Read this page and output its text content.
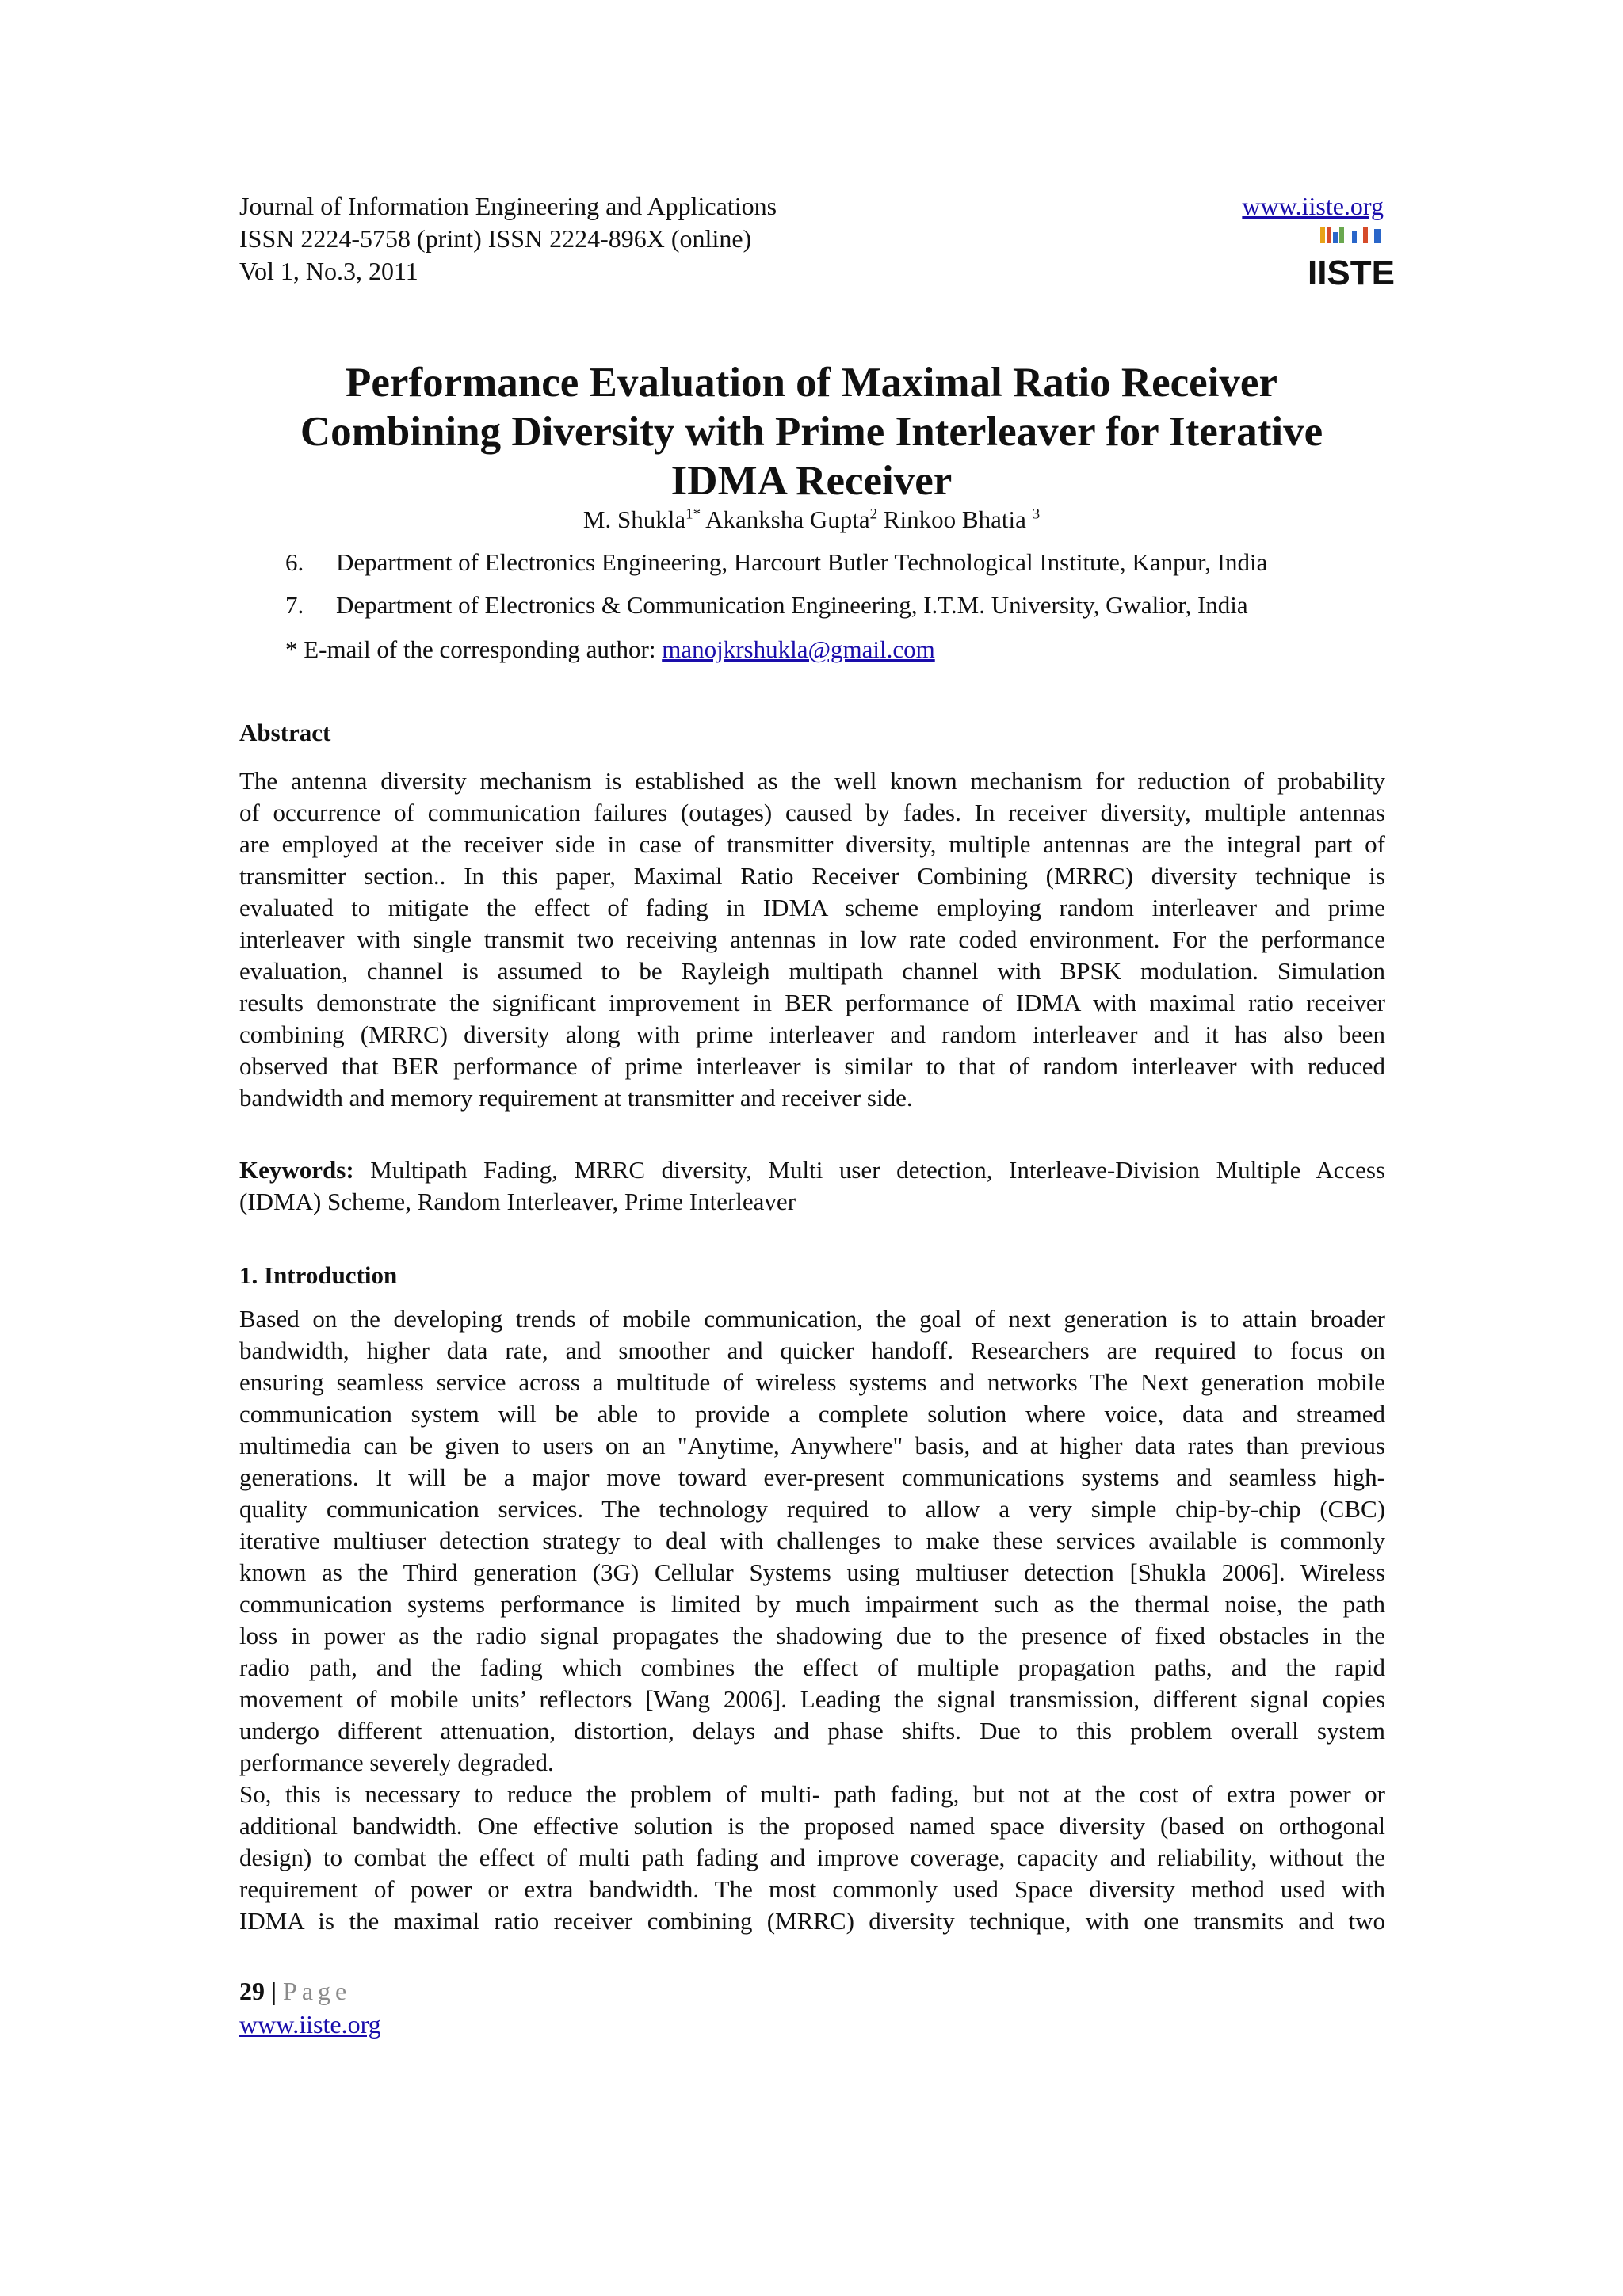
Journal of Information Engineering and Applications
ISSN 2224-5758 (print) ISSN 2224-896X (online)
Vol 1, No.3, 2011
www.iiste.org

IISTE
Performance Evaluation of Maximal Ratio Receiver
Combining Diversity with Prime Interleaver for Iterative
IDMA Receiver
M. Shukla$^{1*}$ Akanksha Gupta$^2$ Rinkoo Bhatia $^3$
6. Department of Electronics Engineering, Harcourt Butler Technological Institute, Kanpur, India
7. Department of Electronics & Communication Engineering, I.T.M. University, Gwalior, India
* E-mail of the corresponding author: manojkrshukla@gmail.com
Abstract
The antenna diversity mechanism is established as the well known mechanism for reduction of probability
of occurrence of communication failures (outages) caused by fades. In receiver diversity, multiple antennas
are employed at the receiver side in case of transmitter diversity, multiple antennas are the integral part of
transmitter section.. In this paper, Maximal Ratio Receiver Combining (MRRC) diversity technique is
evaluated to mitigate the effect of fading in IDMA scheme employing random interleaver and prime
interleaver with single transmit two receiving antennas in low rate coded environment. For the performance
evaluation, channel is assumed to be Rayleigh multipath channel with BPSK modulation. Simulation
results demonstrate the significant improvement in BER performance of IDMA with maximal ratio receiver
combining (MRRC) diversity along with prime interleaver and random interleaver and it has also been
observed that BER performance of prime interleaver is similar to that of random interleaver with reduced
bandwidth and memory requirement at transmitter and receiver side.
Keywords: Multipath Fading, MRRC diversity, Multi user detection, Interleave-Division Multiple Access
(IDMA) Scheme, Random Interleaver, Prime Interleaver
1. Introduction
Based on the developing trends of mobile communication, the goal of next generation is to attain broader
bandwidth, higher data rate, and smoother and quicker handoff. Researchers are required to focus on
ensuring seamless service across a multitude of wireless systems and networks The Next generation mobile
communication system will be able to provide a complete solution where voice, data and streamed
multimedia can be given to users on an "Anytime, Anywhere" basis, and at higher data rates than previous
generations. It will be a major move toward ever-present communications systems and seamless high-
quality communication services. The technology required to allow a very simple chip-by-chip (CBC)
iterative multiuser detection strategy to deal with challenges to make these services available is commonly
known as the Third generation (3G) Cellular Systems using multiuser detection [Shukla 2006]. Wireless
communication systems performance is limited by much impairment such as the thermal noise, the path
loss in power as the radio signal propagates the shadowing due to the presence of fixed obstacles in the
radio path, and the fading which combines the effect of multiple propagation paths, and the rapid
movement of mobile units’ reflectors [Wang 2006]. Leading the signal transmission, different signal copies
undergo different attenuation, distortion, delays and phase shifts. Due to this problem overall system
performance severely degraded.
So, this is necessary to reduce the problem of multi- path fading, but not at the cost of extra power or
additional bandwidth. One effective solution is the proposed named space diversity (based on orthogonal
design) to combat the effect of multi path fading and improve coverage, capacity and reliability, without the
requirement of power or extra bandwidth. The most commonly used Space diversity method used with
IDMA is the maximal ratio receiver combining (MRRC) diversity technique, with one transmits and two
29 | Page
www.iiste.org
